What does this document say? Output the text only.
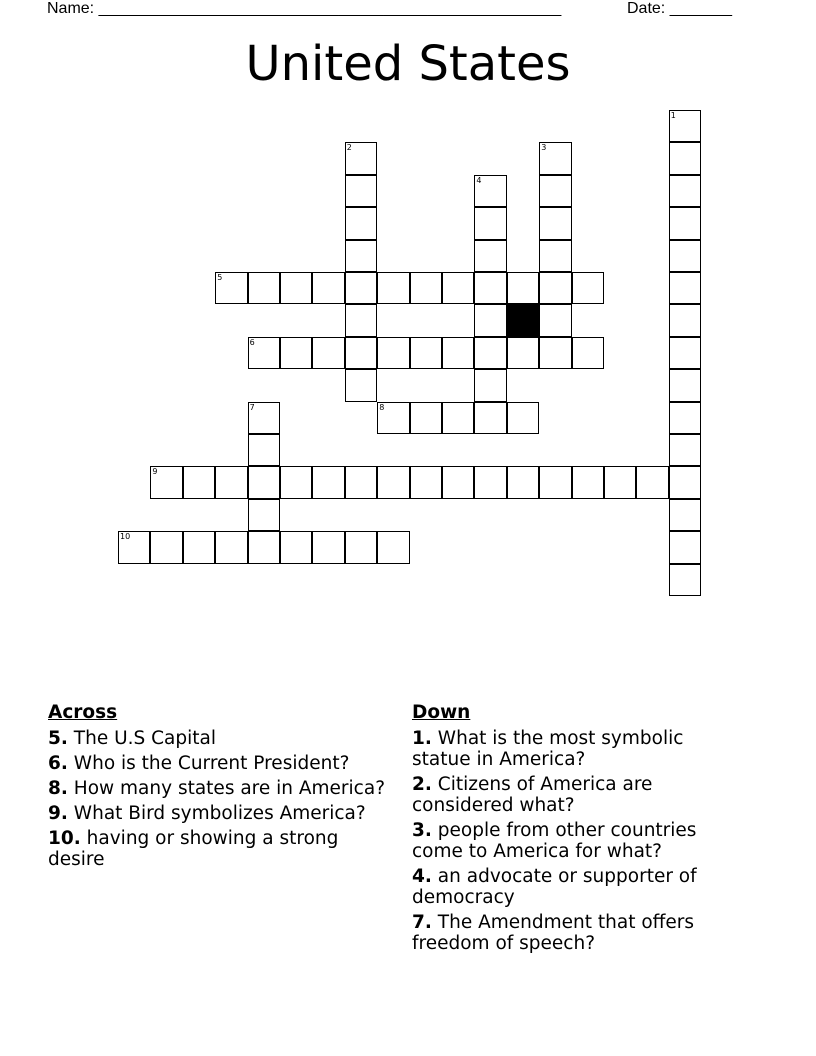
Name: ____________________________________________________	Date: _______
United States
1
2	3
4
5
6
7	8
9
10
Across
5. The U.S Capital
6. Who is the Current President?
8. How many states are in America?
9. What Bird symbolizes America?
10. having or showing a strong desire
Down
1. What is the most symbolic statue in America?
2. Citizens of America are considered what?
3. people from other countries come to America for what?
4. an advocate or supporter of democracy
7. The Amendment that offers freedom of speech?
